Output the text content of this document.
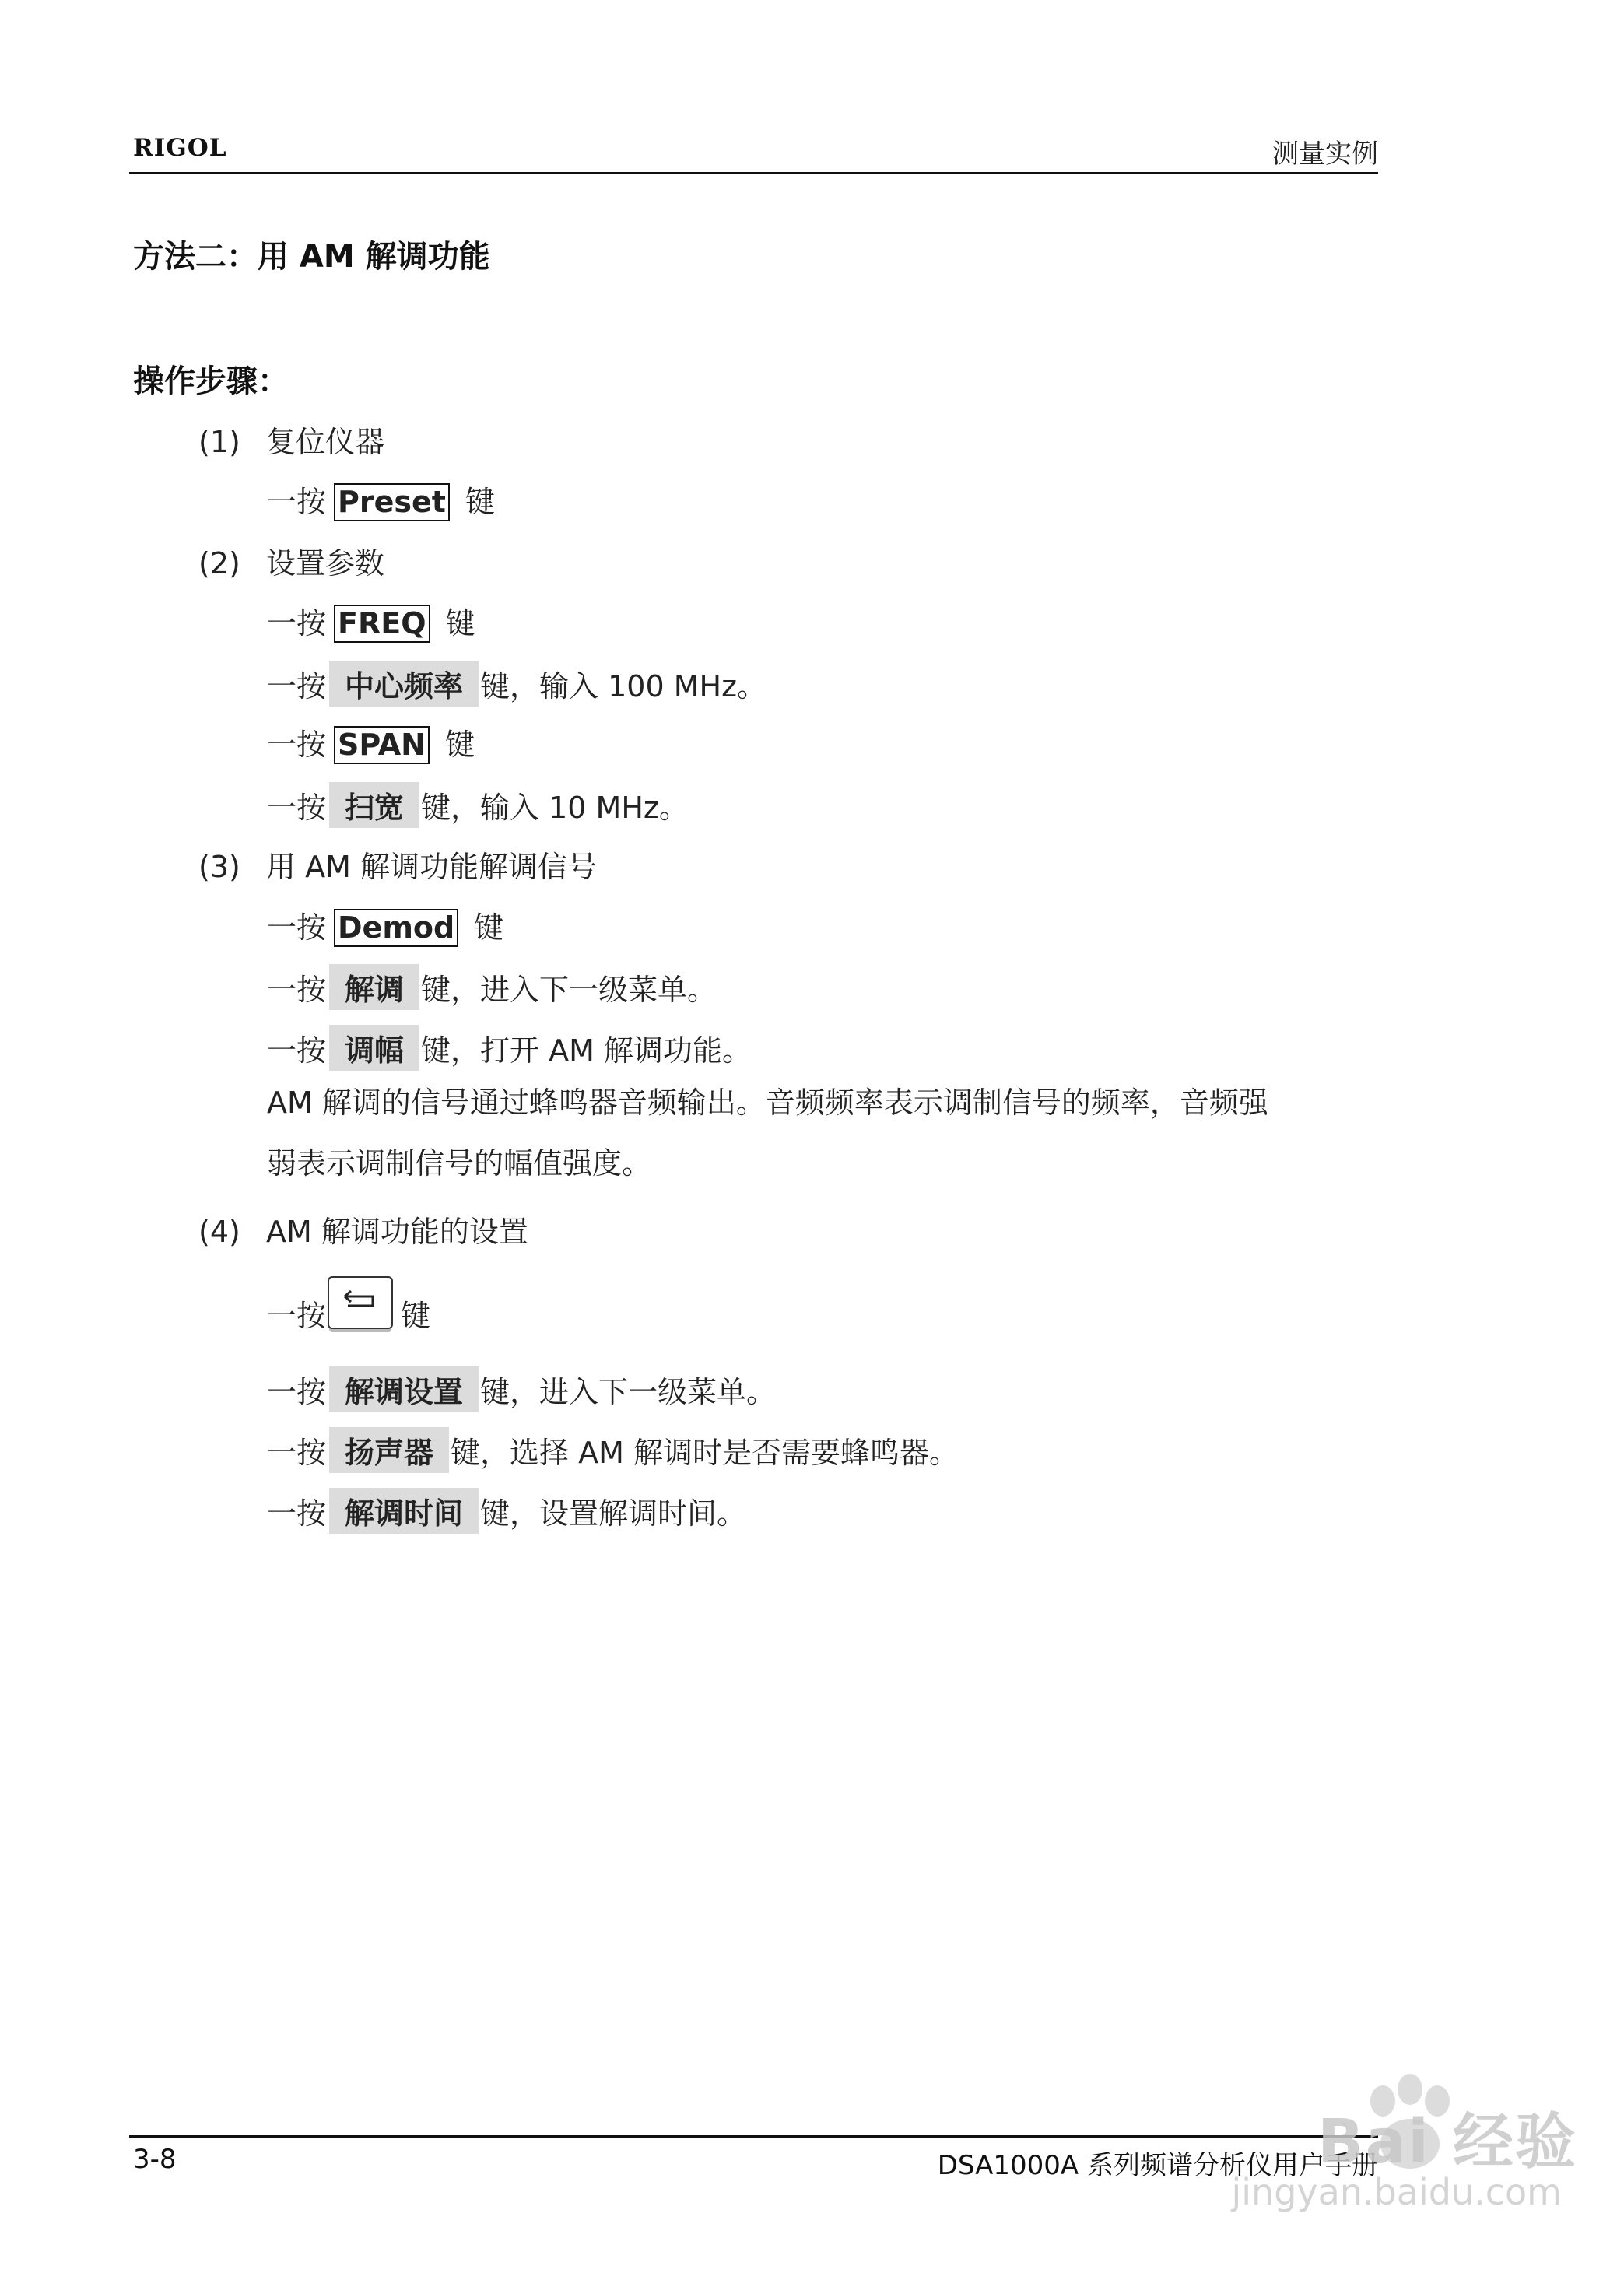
RIGOL	测量实例
方法二：用 AM 解调功能
操作步骤：
(1) 复位仪器
一按 Preset 键
(2) 设置参数
一按 FREQ 键
一按 中心频率 键，输入 100 MHz。
一按 SPAN 键
一按 扫宽 键，输入 10 MHz。
(3) 用 AM 解调功能解调信号
一按 Demod 键
一按 解调 键，进入下一级菜单。
一按 调幅 键，打开 AM 解调功能。
AM 解调的信号通过蜂鸣器音频输出。音频频率表示调制信号的频率，音频强
弱表示调制信号的幅值强度。
(4) AM 解调功能的设置
一按	键
一按 解调设置 键，进入下一级菜单。
一按 扬声器 键，选择 AM 解调时是否需要蜂鸣器。
一按 解调时间 键，设置解调时间。
3-8	DSA1000A 系列频谱分析仪用户手册
Bai 经验
jingyan.baidu.com
